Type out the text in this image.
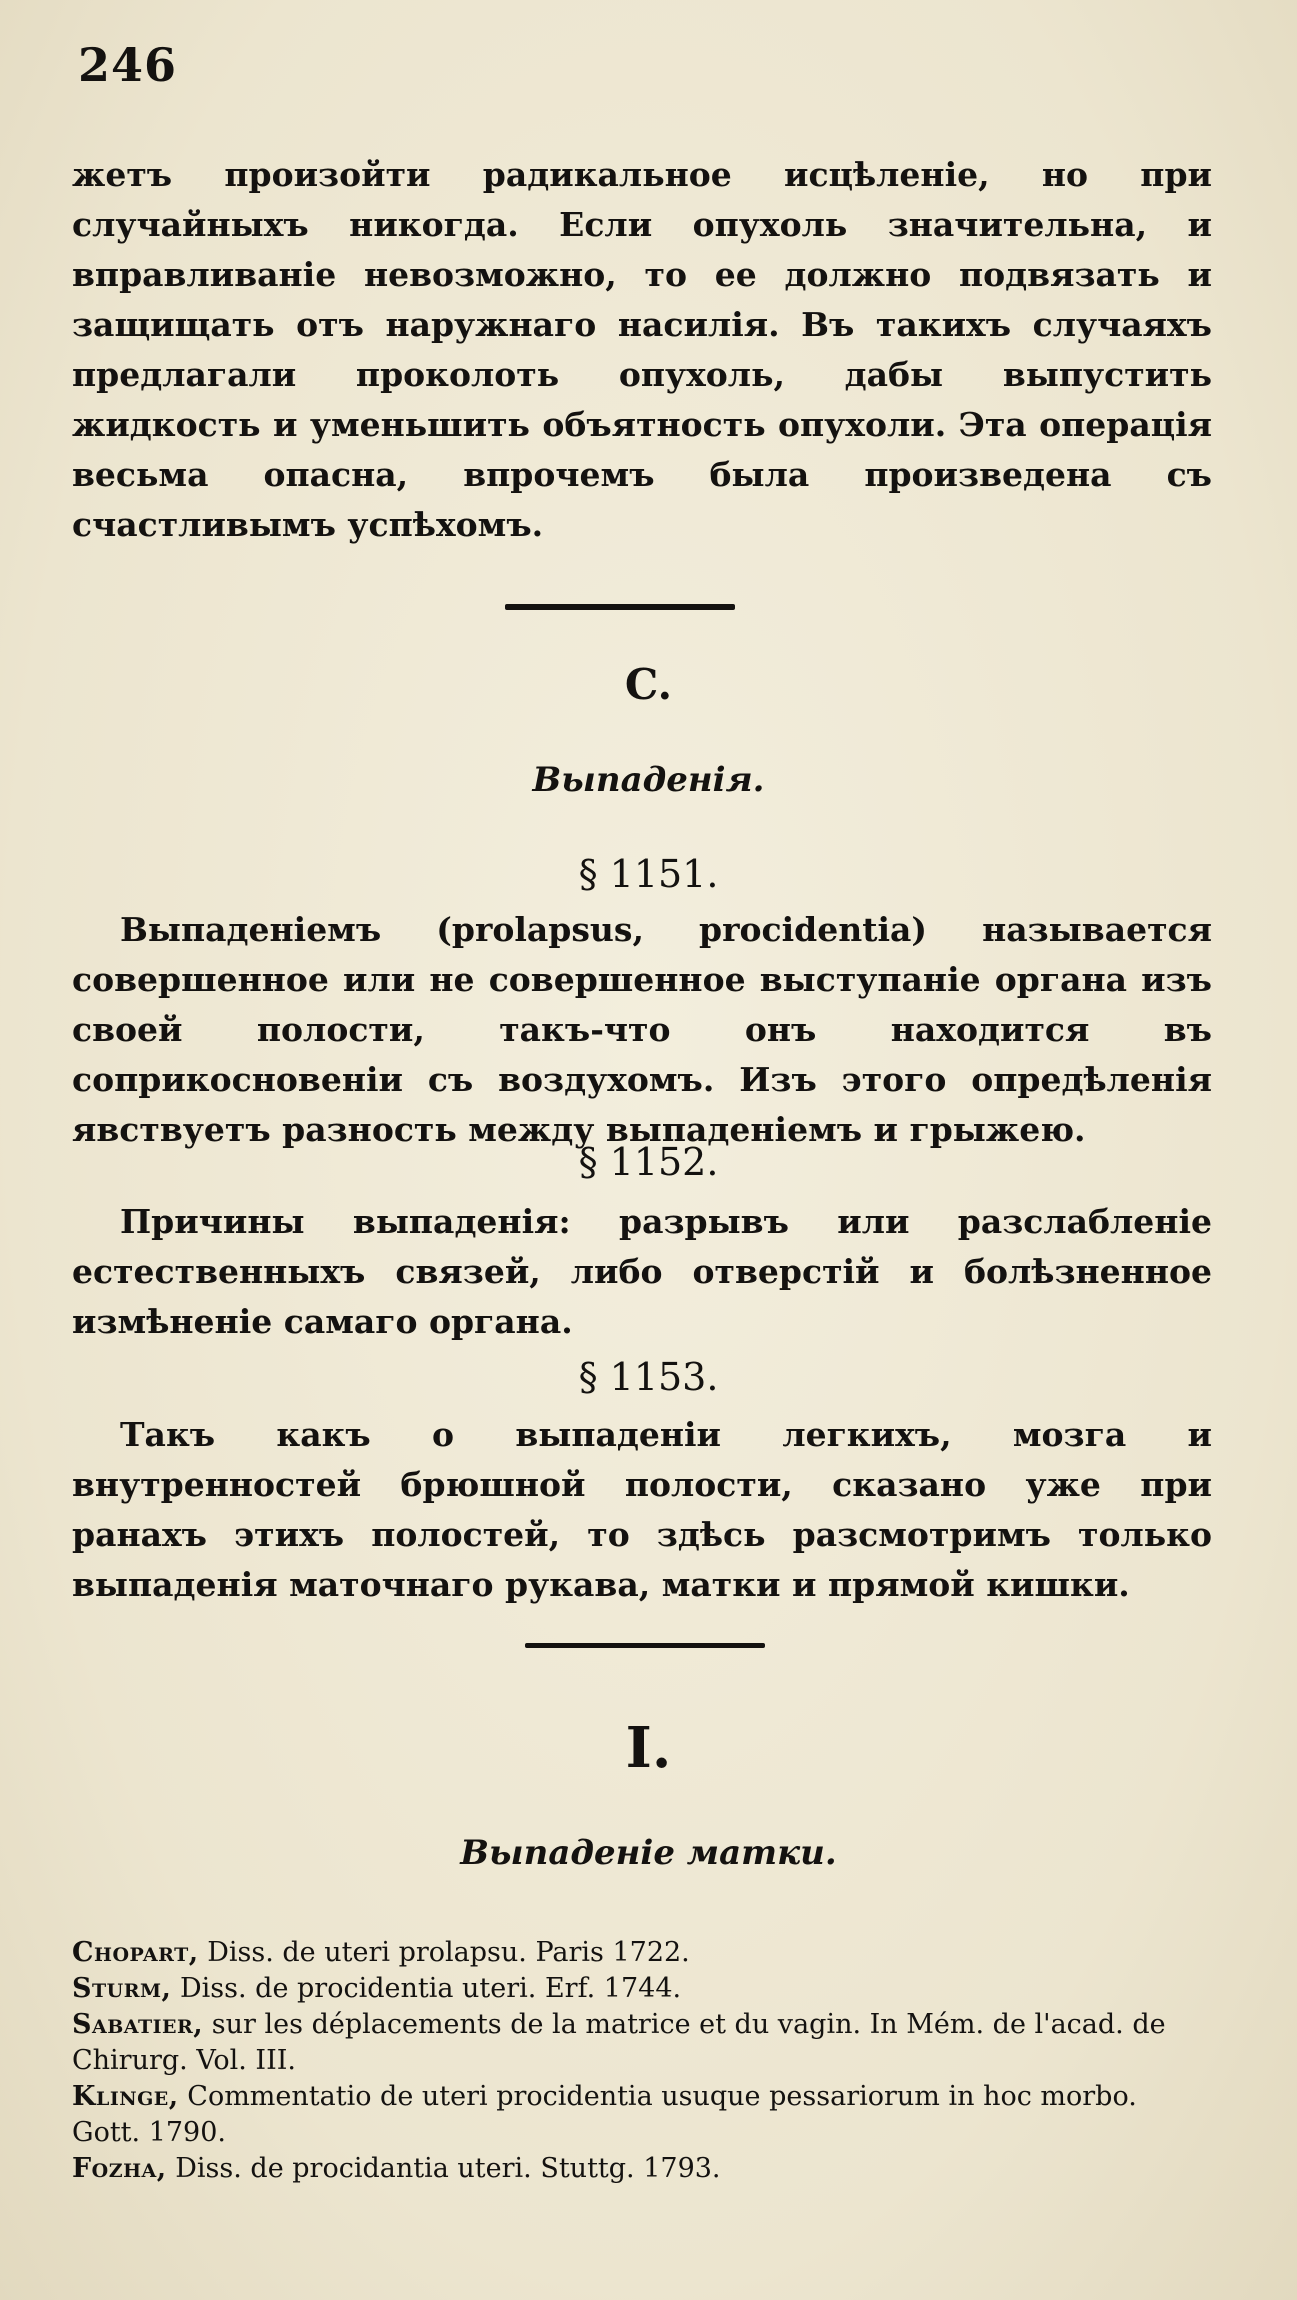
246

жетъ произойти радикальное исцѣленіе, но при случайныхъ никогда. Если опухоль значительна, и вправливаніе невозможно, то ее должно подвязать и защищать отъ наружнаго насилія. Въ такихъ случаяхъ предлагали проколоть опухоль, дабы выпустить жидкость и уменьшить объятность опухоли. Эта операція весьма опасна, впрочемъ была произведена съ счастливымъ успѣхомъ.

C.
Выпаденія.
§ 1151.

Выпаденіемъ (prolapsus, procidentia) называется совершенное или не совершенное выступаніе органа изъ своей полости, такъ-что онъ находится въ соприкосновеніи съ воздухомъ. Изъ этого опредѣленія явствуетъ разность между выпаденіемъ и грыжею.

§ 1152.

Причины выпаденія: разрывъ или разслабленіе естественныхъ связей, либо отверстій и болѣзненное измѣненіе самаго органа.

§ 1153.

Такъ какъ о выпаденіи легкихъ, мозга и внутренностей брюшной полости, сказано уже при ранахъ этихъ полостей, то здѣсь разсмотримъ только выпаденія маточнаго рукава, матки и прямой кишки.

I.
Выпаденіе матки.

Chopart, Diss. de uteri prolapsu. Paris 1722.

Sturm, Diss. de procidentia uteri. Erf. 1744.

Sabatier, sur les déplacements de la matrice et du vagin. In Mém. de l'acad. de Chirurg. Vol. III.

Klinge, Commentatio de uteri procidentia usuque pessariorum in hoc morbo. Gott. 1790.

Fozha, Diss. de procidantia uteri. Stuttg. 1793.
